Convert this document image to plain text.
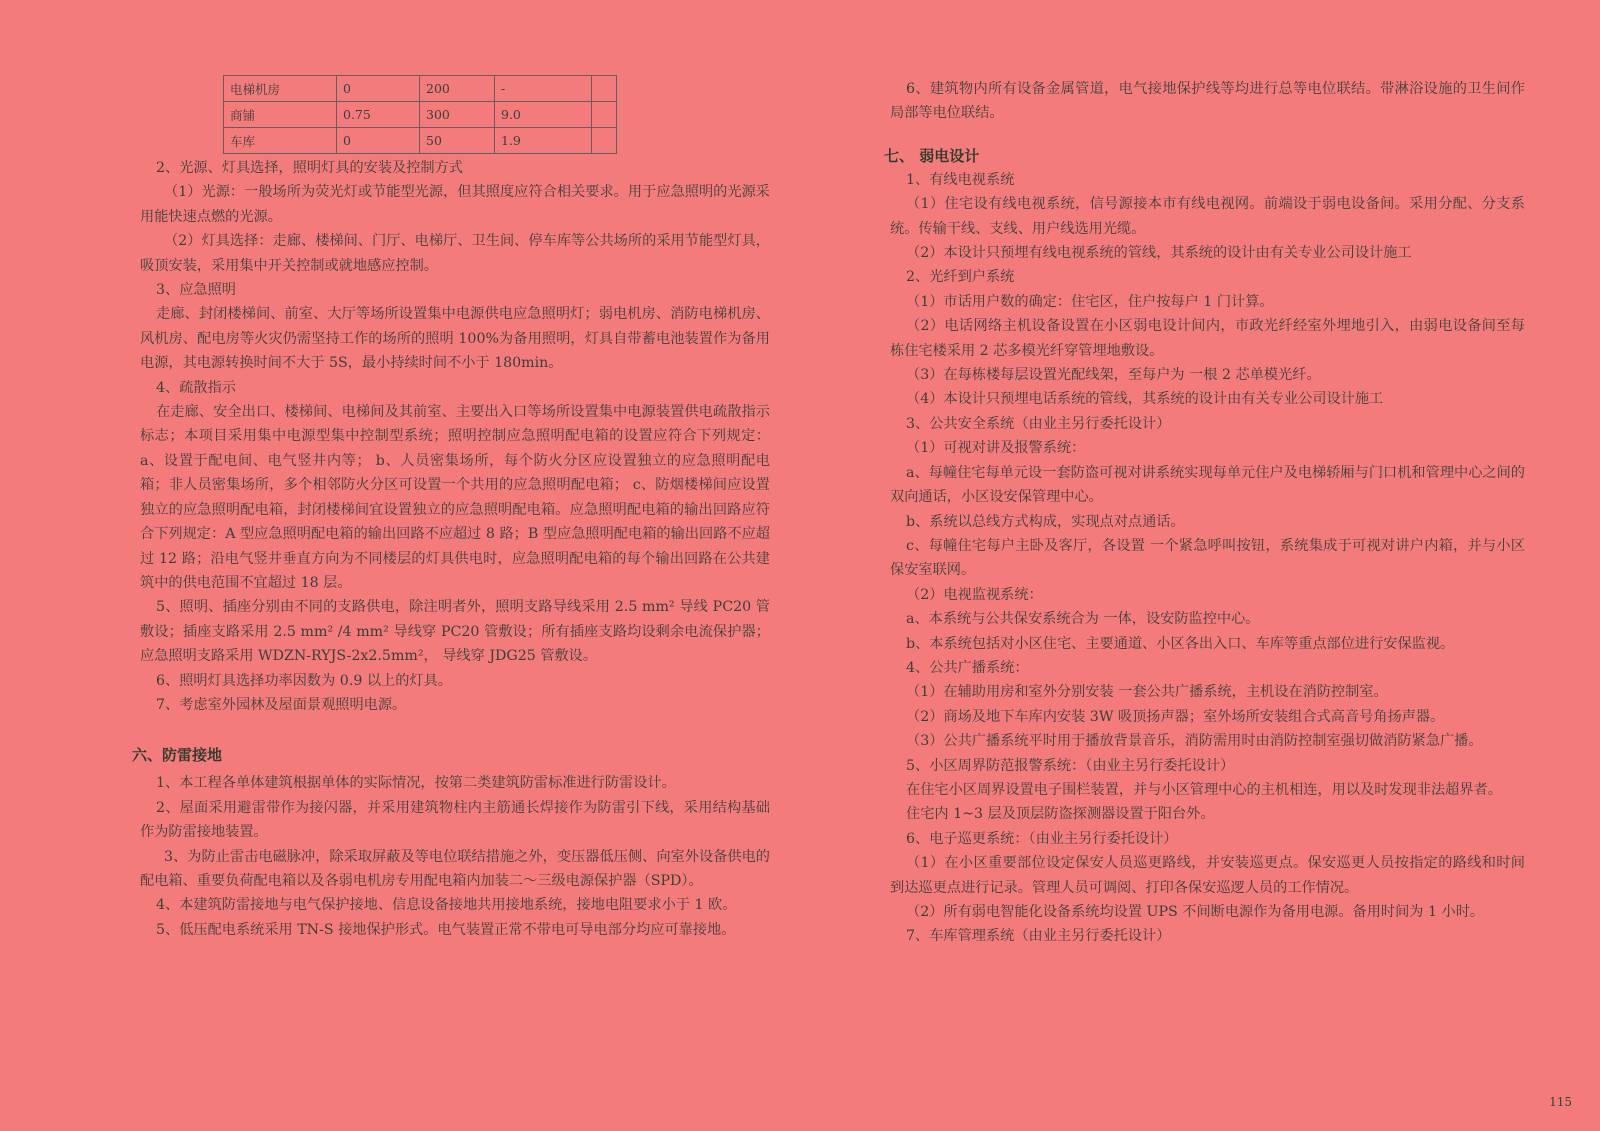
电梯机房	0	200	-	
商铺	0.75	300	9.0	
车库	0	50	1.9	

2、光源、灯具选择，照明灯具的安装及控制方式

（1）光源：一般场所为荧光灯或节能型光源，但其照度应符合相关要求。用于应急照明的光源采用能快速点燃的光源。

（2）灯具选择：走廊、楼梯间、门厅、电梯厅、卫生间、停车库等公共场所的采用节能型灯具，吸顶安装，采用集中开关控制或就地感应控制。

3、应急照明

走廊、封闭楼梯间、前室、大厅等场所设置集中电源供电应急照明灯；弱电机房、消防电梯机房、风机房、配电房等火灾仍需坚持工作的场所的照明 100%为备用照明，灯具自带蓄电池装置作为备用电源，其电源转换时间不大于 5S，最小持续时间不小于 180min。

4、疏散指示

在走廊、安全出口、楼梯间、电梯间及其前室、主要出入口等场所设置集中电源装置供电疏散指示标志；本项目采用集中电源型集中控制型系统；照明控制应急照明配电箱的设置应符合下列规定： a、设置于配电间、电气竖井内等； b、人员密集场所，每个防火分区应设置独立的应急照明配电箱；非人员密集场所，多个相邻防火分区可设置一个共用的应急照明配电箱； c、防烟楼梯间应设置独立的应急照明配电箱，封闭楼梯间宜设置独立的应急照明配电箱。应急照明配电箱的输出回路应符合下列规定：A 型应急照明配电箱的输出回路不应超过 8 路；B 型应急照明配电箱的输出回路不应超过 12 路；沿电气竖井垂直方向为不同楼层的灯具供电时，应急照明配电箱的每个输出回路在公共建筑中的供电范围不宜超过 18 层。

5、照明、插座分别由不同的支路供电，除注明者外，照明支路导线采用 2.5 mm² 导线 PC20 管敷设；插座支路采用 2.5 mm² /4 mm² 导线穿 PC20 管敷设；所有插座支路均设剩余电流保护器；应急照明支路采用 WDZN-RYJS-2x2.5mm²， 导线穿 JDG25 管敷设。

6、照明灯具选择功率因数为 0.9 以上的灯具。

7、考虑室外园林及屋面景观照明电源。

六、防雷接地

1、本工程各单体建筑根据单体的实际情况，按第二类建筑防雷标准进行防雷设计。

2、屋面采用避雷带作为接闪器，并采用建筑物柱内主筋通长焊接作为防雷引下线，采用结构基础作为防雷接地装置。

3、为防止雷击电磁脉冲，除采取屏蔽及等电位联结措施之外，变压器低压侧、向室外设备供电的配电箱、重要负荷配电箱以及各弱电机房专用配电箱内加装二～三级电源保护器（SPD）。

4、本建筑防雷接地与电气保护接地、信息设备接地共用接地系统，接地电阻要求小于 1 欧。

5、低压配电系统采用 TN-S 接地保护形式。电气装置正常不带电可导电部分均应可靠接地。

6、建筑物内所有设备金属管道，电气接地保护线等均进行总等电位联结。带淋浴设施的卫生间作局部等电位联结。

七、 弱电设计

1、有线电视系统

（1）住宅设有线电视系统，信号源接本市有线电视网。前端设于弱电设备间。采用分配、分支系统。传输干线、支线、用户线选用光缆。

（2）本设计只预埋有线电视系统的管线，其系统的设计由有关专业公司设计施工

2、光纤到户系统

（1）市话用户数的确定：住宅区，住户按每户 1 门计算。

（2）电话网络主机设备设置在小区弱电设计间内，市政光纤经室外埋地引入，由弱电设备间至每栋住宅楼采用 2 芯多模光纤穿管埋地敷设。

（3）在每栋楼每层设置光配线架，至每户为 一根 2 芯单模光纤。

（4）本设计只预埋电话系统的管线，其系统的设计由有关专业公司设计施工

3、公共安全系统（由业主另行委托设计）

（1）可视对讲及报警系统：

a、每幢住宅每单元设一套防盗可视对讲系统实现每单元住户及电梯轿厢与门口机和管理中心之间的双向通话，小区设安保管理中心。

b、系统以总线方式构成，实现点对点通话。

c、每幢住宅每户主卧及客厅，各设置 一个紧急呼叫按钮，系统集成于可视对讲户内箱，并与小区保安室联网。

（2）电视监视系统：

a、本系统与公共保安系统合为 一体，设安防监控中心。

b、本系统包括对小区住宅、主要通道、小区各出入口、车库等重点部位进行安保监视。

4、公共广播系统：

（1）在辅助用房和室外分别安装 一套公共广播系统，主机设在消防控制室。

（2）商场及地下车库内安装 3W 吸顶扬声器；室外场所安装组合式高音号角扬声器。

（3）公共广播系统平时用于播放背景音乐，消防需用时由消防控制室强切做消防紧急广播。

5、小区周界防范报警系统：（由业主另行委托设计）

在住宅小区周界设置电子围栏装置，并与小区管理中心的主机相连，用以及时发现非法超界者。

住宅内 1~3 层及顶层防盗探测器设置于阳台外。

6、电子巡更系统：（由业主另行委托设计）

（1）在小区重要部位设定保安人员巡更路线，并安装巡更点。保安巡更人员按指定的路线和时间到达巡更点进行记录。管理人员可调阅、打印各保安巡逻人员的工作情况。

（2）所有弱电智能化设备系统均设置 UPS 不间断电源作为备用电源。备用时间为 1 小时。

7、车库管理系统（由业主另行委托设计）

115
